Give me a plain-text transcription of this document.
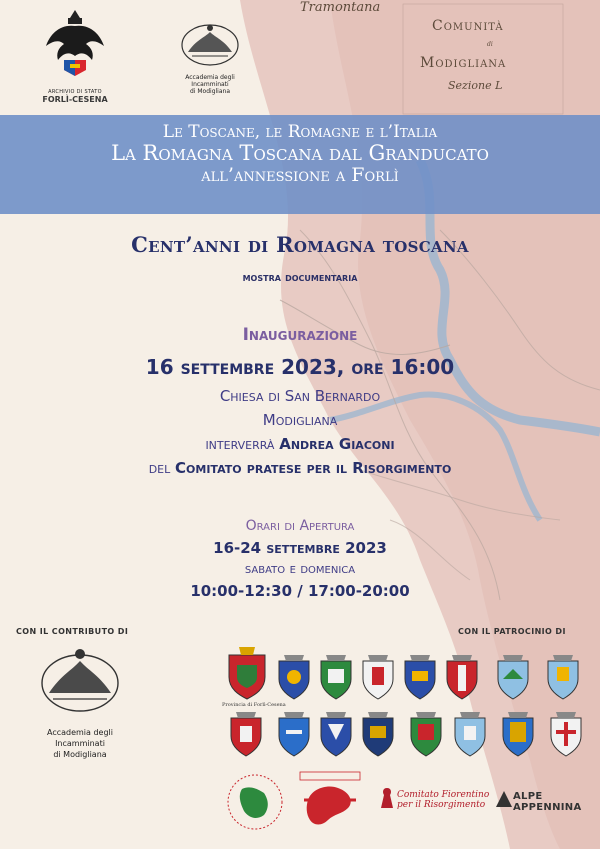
Tramontana
Comunità
di
Modigliana
Sezione L
ARCHIVIO DI STATO
FORLÌ-CESENA
Accademia degli
Incamminati
di Modigliana
Le Toscane, le Romagne e l’Italia
La Romagna Toscana dal Granducato
all’annessione a Forlì
Cent’anni di Romagna toscana
mostra documentaria
Inaugurazione
16 settembre 2023, ore 16:00
Chiesa di San Bernardo
Modigliana
interverrà Andrea Giaconi
del Comitato pratese per il Risorgimento
Orari di Apertura
16-24 settembre 2023
sabato e domenica
10:00-12:30 / 17:00-20:00
CON IL CONTRIBUTO DI	CON IL PATROCINIO DI
Accademia degli
Incamminati
di Modigliana
Provincia di Forlì-Cesena
Comitato Fiorentino
per il Risorgimento
ALPE
APPENNINA
